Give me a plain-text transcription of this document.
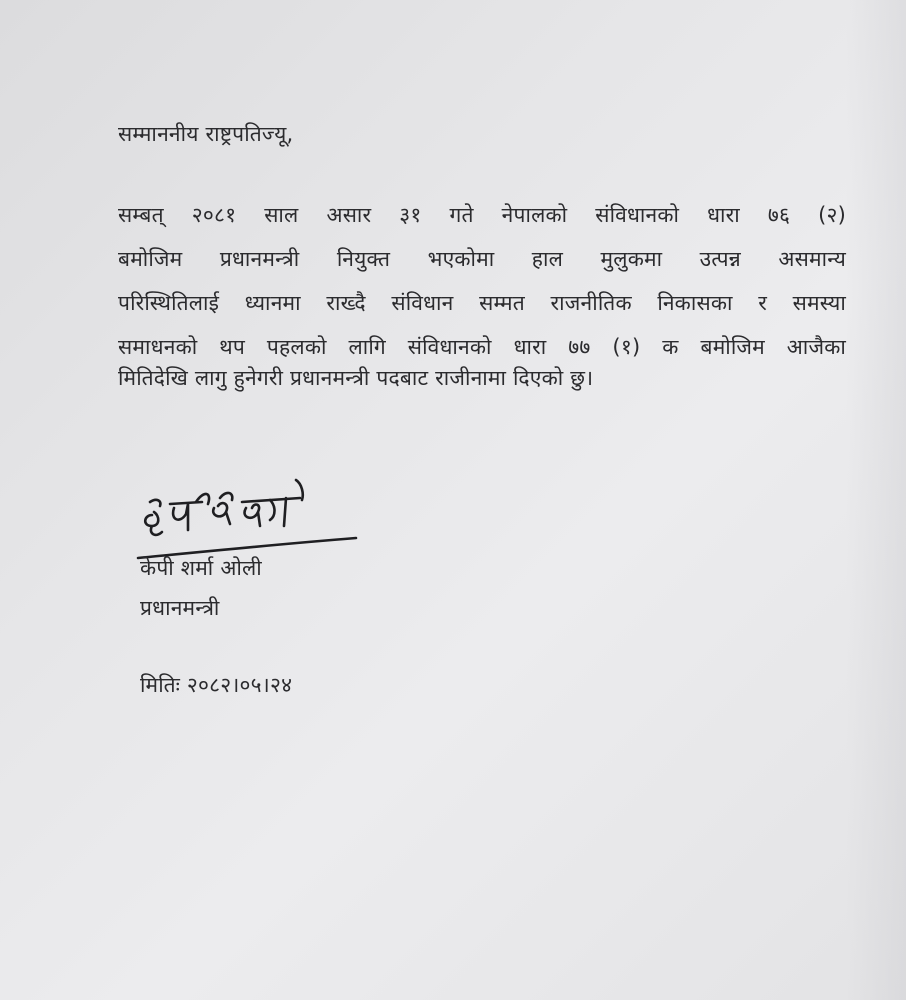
सम्माननीय राष्ट्रपतिज्यू,
सम्बत् २०८१ साल असार ३१ गते नेपालको संविधानको धारा ७६ (२)
बमोजिम प्रधानमन्त्री नियुक्त भएकोमा हाल मुलुकमा उत्पन्न असमान्य
परिस्थितिलाई ध्यानमा राख्दै संविधान सम्मत राजनीतिक निकासका र समस्या
समाधनको थप पहलको लागि संविधानको धारा ७७ (१) क बमोजिम आजैका
मितिदेखि लागु हुनेगरी प्रधानमन्त्री पदबाट राजीनामा दिएको छु।
केपी शर्मा ओली
प्रधानमन्त्री
मितिः २०८२।०५।२४
